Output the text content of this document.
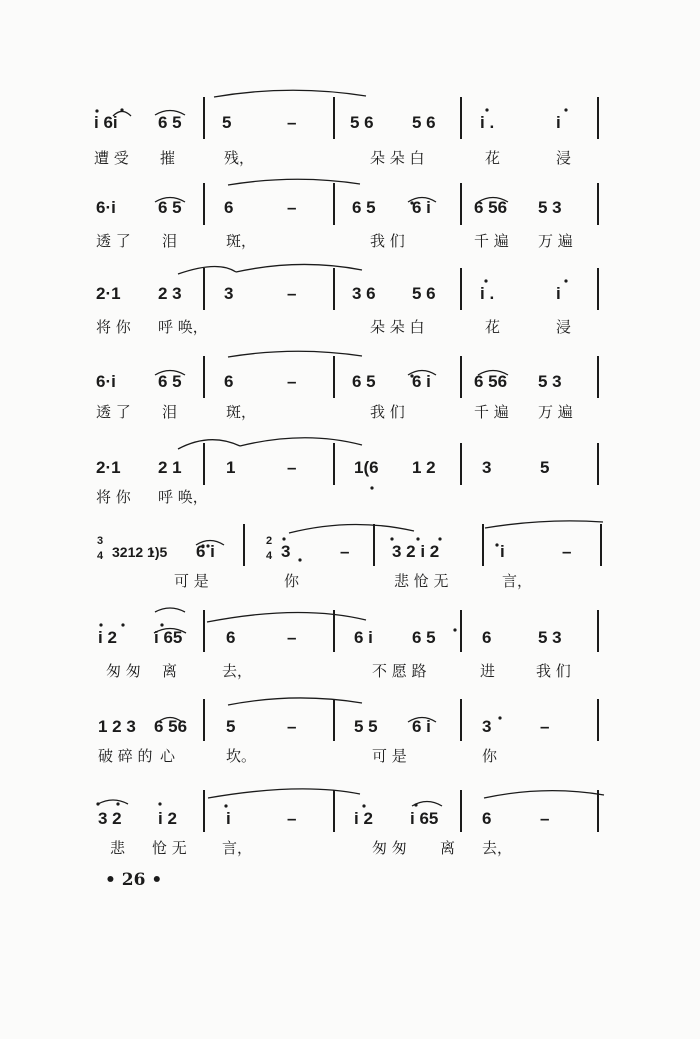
i 6i 6 5 5	–	5 6 5 6	i .	i
遭 受 摧	残，	朵 朵 白	花	浸
6·i 6 5 6	–	6 5 6 i	6 56 5 3
透 了 泪	斑，	我 们	千 遍 万 遍
2·1 2 3 3	–	3 6 5 6	i .	i
将 你 呼 唤，	朵 朵 白	花	浸
6·i 6 5 6	–	6 5 6 i	6 56 5 3
透 了 泪	斑，	我 们	千 遍 万 遍
2·1 2 1	1	–	1(6 1 2	3	5
将 你 呼 唤，
3
4 3212 1)5 6 i
2
4 3	–	3 2 i 2	i	–
可 是	你	悲 怆 无	言，
i 2 i 65	6	–	6 i 6 5	6	5 3
匆 匆 离	去，	不 愿 路	进	我 们
1 2 3 6 56 5	–	5 5 6 i	3	–
破 碎 的 心	坎。	可 是	你
3 2 i 2	i	–	i 2 i 65	6	–
悲 怆 无 言，	匆 匆 离 去，
• 26 •
